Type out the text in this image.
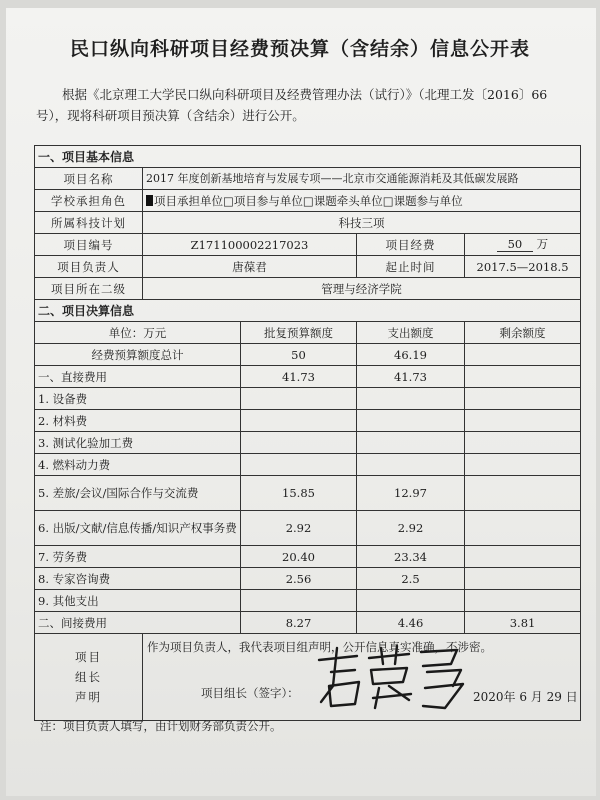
民口纵向科研项目经费预决算（含结余）信息公开表
根据《北京理工大学民口纵向科研项目及经费管理办法（试行）》（北理工发〔2016〕66号），现将科研项目预决算（含结余）进行公开。
一、项目基本信息				
项目名称	2017 年度创新基地培育与发展专项——北京市交通能源消耗及其低碳发展路			
学校承担角色	项目承担单位□项目参与单位□课题牵头单位□课题参与单位			
所属科技计划	科技三项			
项目编号	Z171100002217023		项目经费	50 万
项目负责人	唐葆君		起止时间	2017.5—2018.5
项目所在二级	管理与经济学院			
二、项目决算信息				
单位：万元		批复预算额度	支出额度	剩余额度
经费预算额度总计		50	46.19	
一、直接费用		41.73	41.73	
1. 设备费				
2. 材料费				
3. 测试化验加工费				
4. 燃料动力费				
5. 差旅/会议/国际合作与交流费		15.85	12.97	
6. 出版/文献/信息传播/知识产权事务费		2.92	2.92	
7. 劳务费		20.40	23.34	
8. 专家咨询费		2.56	2.5	
9. 其他支出				
二、间接费用		8.27	4.46	3.81

项目组长声明	作为项目负责人，我代表项目组声明，公开信息真实准确，不涉密。
项目组长（签字）： 2020年 6 月 29 日			
注：项目负责人填写，由计划财务部负责公开。
